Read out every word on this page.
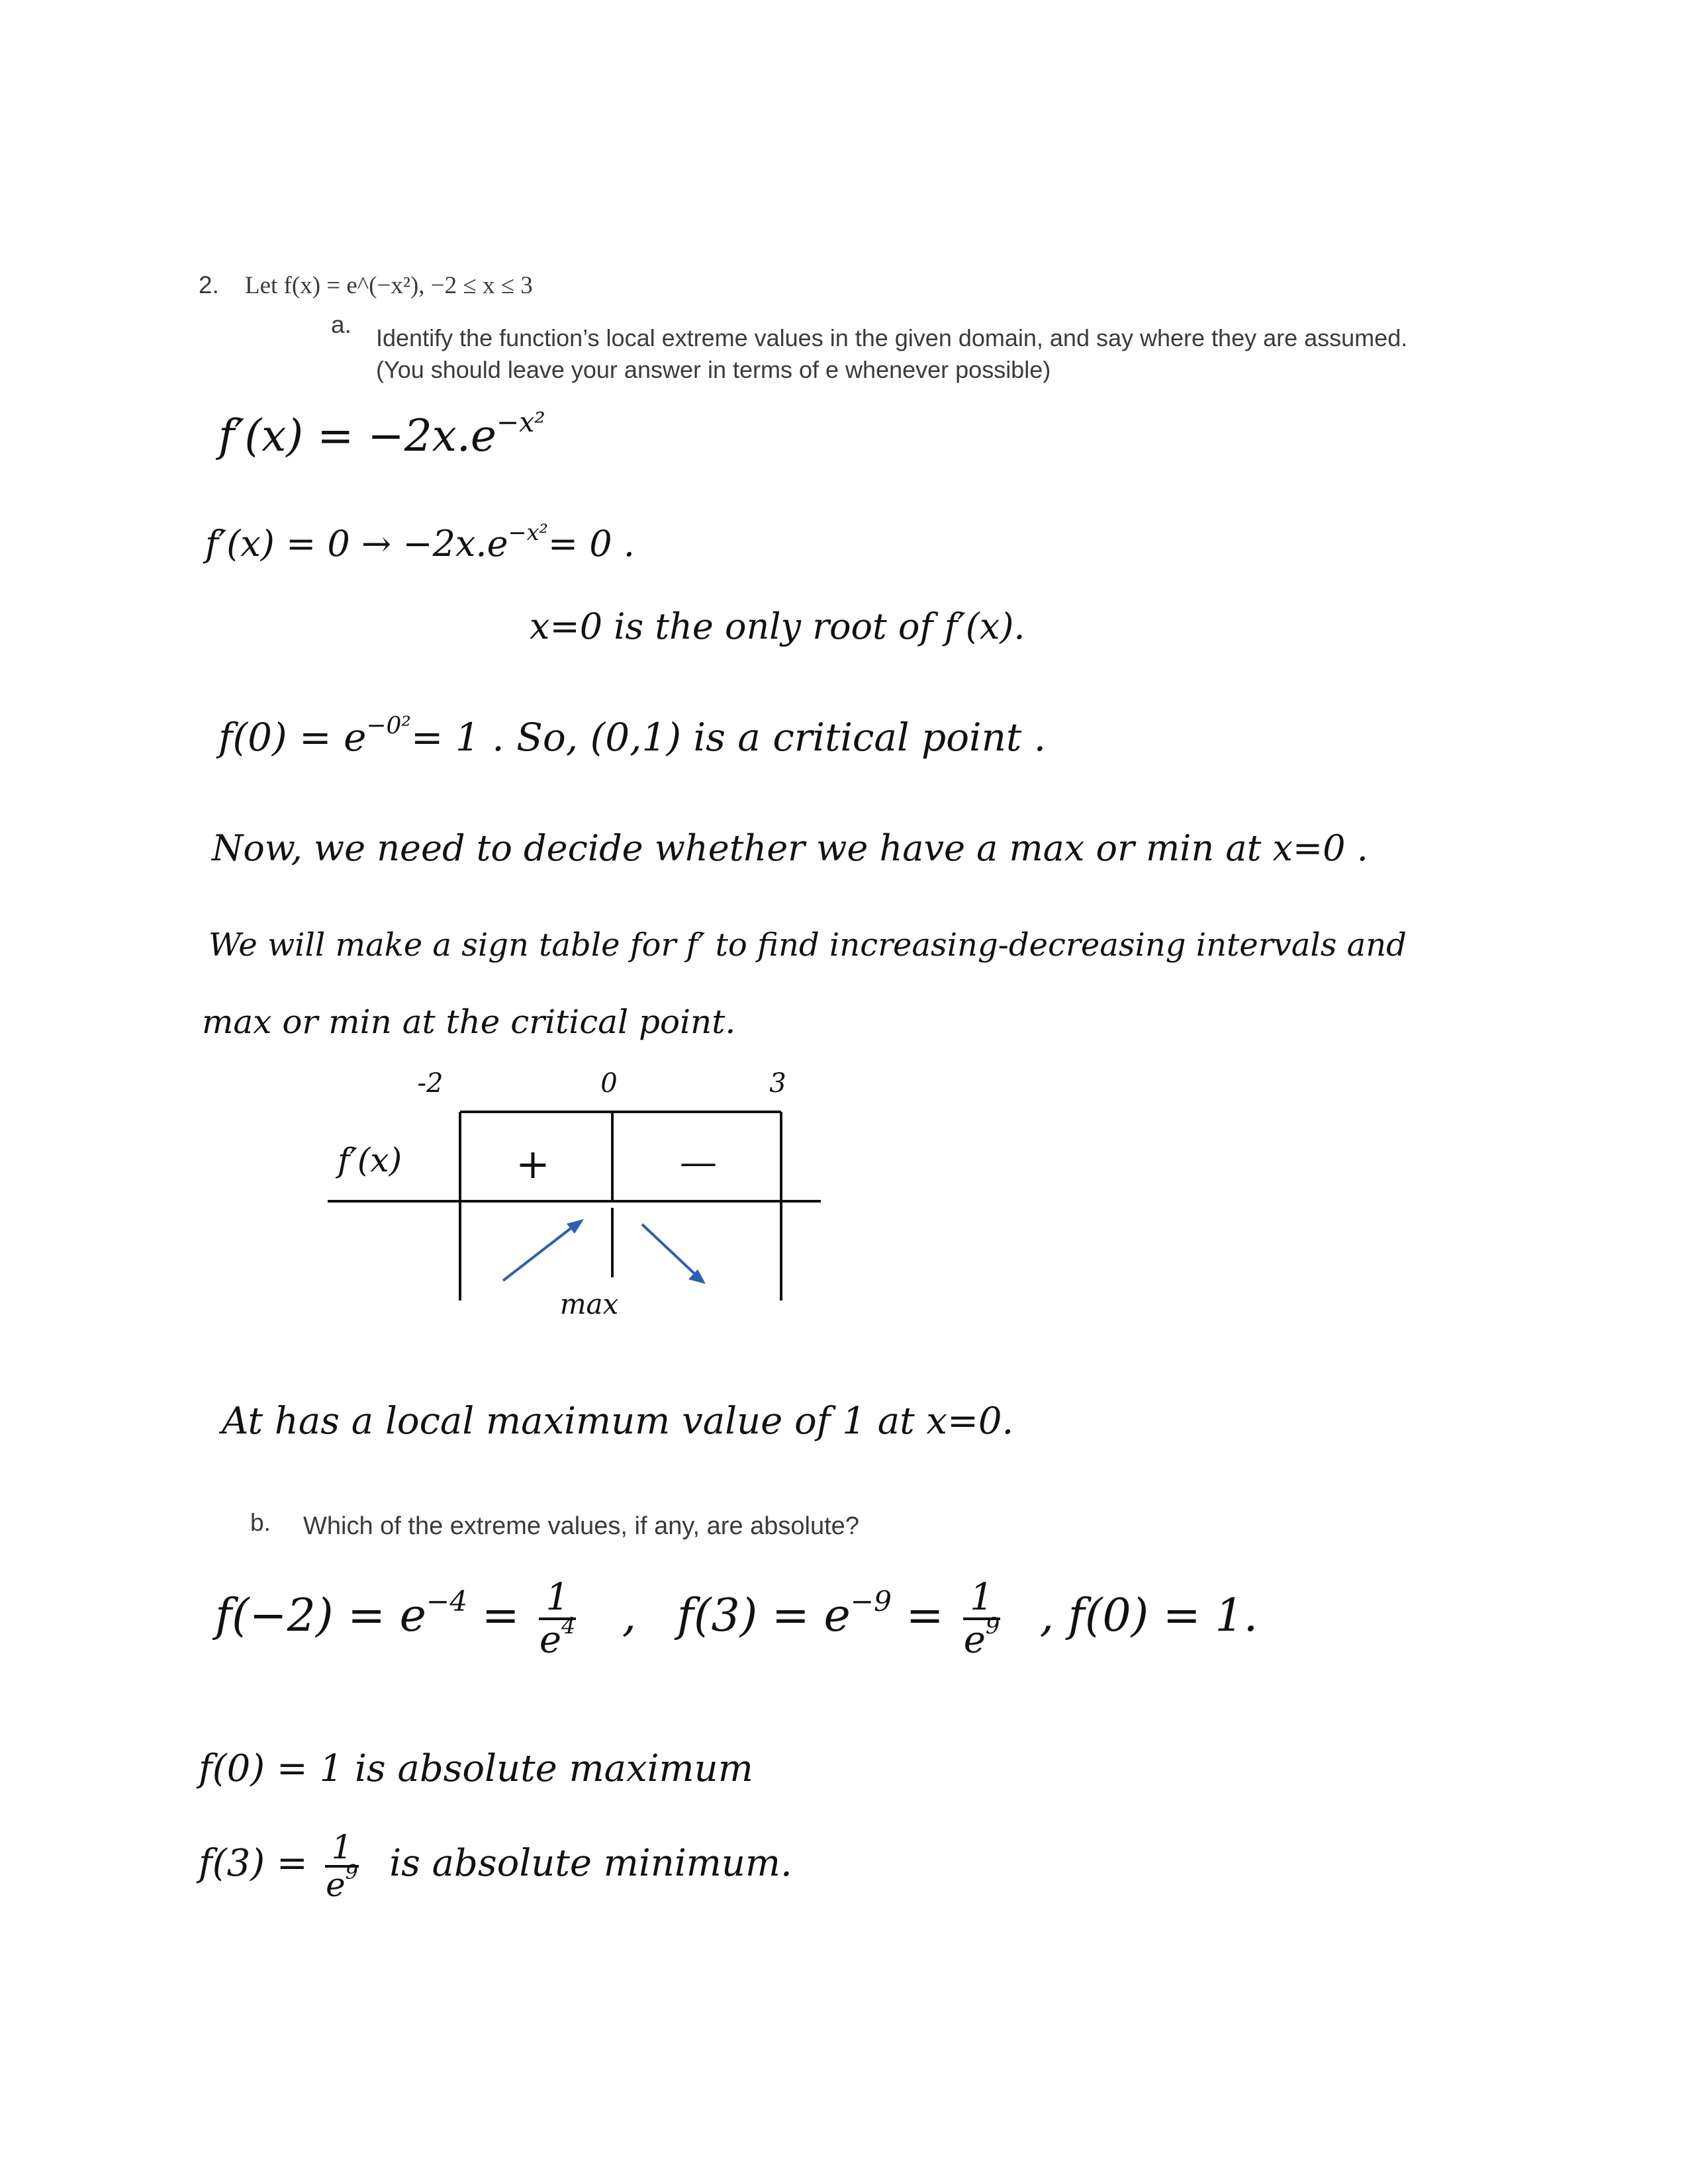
2. Let f(x) = e^(−x²), −2 ≤ x ≤ 3
a. Identify the function’s local extreme values in the given domain, and say where they are assumed.
(You should leave your answer in terms of e whenever possible)
$f'(x) = -2x.e^{-x^2}$
$f'(x) = 0 \to -2x.e^{-x^2}= 0$ .
x=0 is the only root of f′(x).
$f(0) = e^{-0^2}= 1$ . So, (0,1) is a critical point .
Now, we need to decide whether we have a max or min at x=0 .
We will make a sign table for f′ to find increasing-decreasing intervals and
max or min at the critical point.
-2	0	3
f′(x)	+	—
max
At has a local maximum value of 1 at x=0.
b. Which of the extreme values, if any, are absolute?
$f(-2) = e^{-4} = \frac{1}{e^4}$ , $f(3) = e^{-9} = \frac{1}{e^9}$ , f(0) = 1.
f(0) = 1 is absolute maximum
$f(3) = \frac{1}{e^9}$ is absolute minimum.
